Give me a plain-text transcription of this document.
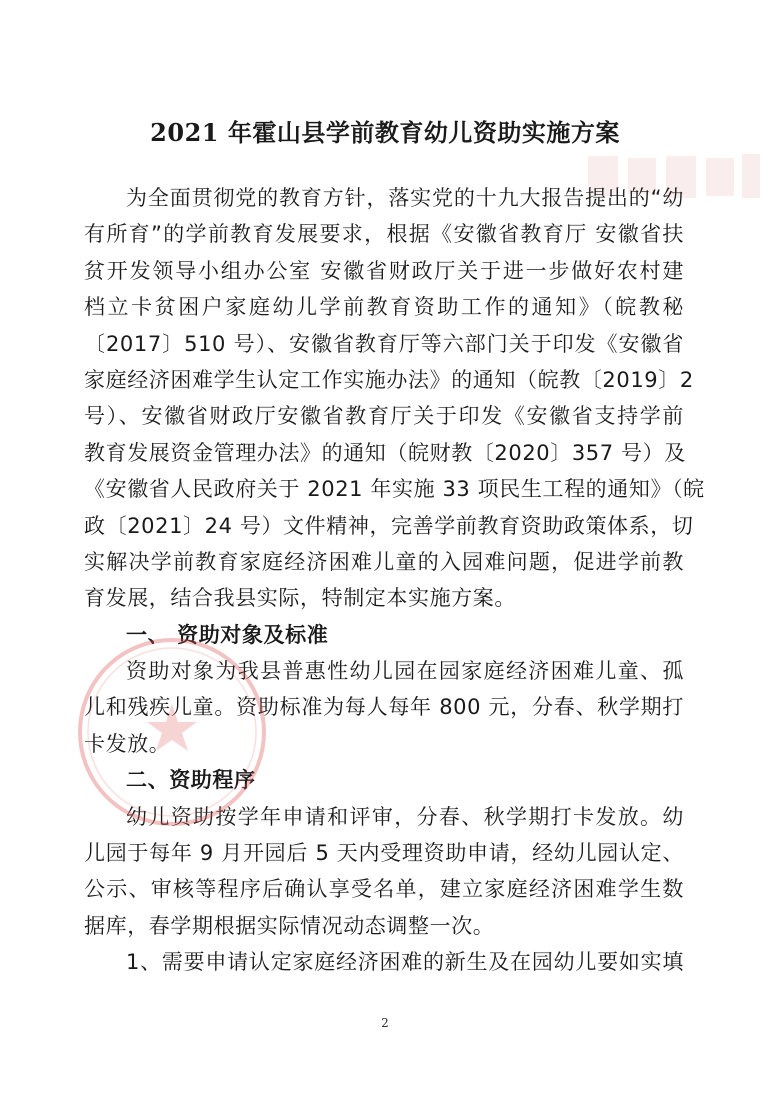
2021 年霍山县学前教育幼儿资助实施方案
为全面贯彻党的教育方针，落实党的十九大报告提出的“幼
有所育”的学前教育发展要求，根据《安徽省教育厅 安徽省扶
贫开发领导小组办公室 安徽省财政厅关于进一步做好农村建
档立卡贫困户家庭幼儿学前教育资助工作的通知》（皖教秘
〔2017〕510 号）、安徽省教育厅等六部门关于印发《安徽省
家庭经济困难学生认定工作实施办法》的通知（皖教〔2019〕2
号）、安徽省财政厅安徽省教育厅关于印发《安徽省支持学前
教育发展资金管理办法》的通知（皖财教〔2020〕357 号）及
《安徽省人民政府关于 2021 年实施 33 项民生工程的通知》（皖
政〔2021〕24 号）文件精神，完善学前教育资助政策体系，切
实解决学前教育家庭经济困难儿童的入园难问题，促进学前教
育发展，结合我县实际，特制定本实施方案。
一、 资助对象及标准
资助对象为我县普惠性幼儿园在园家庭经济困难儿童、孤
儿和残疾儿童。资助标准为每人每年 800 元，分春、秋学期打
卡发放。
二、资助程序
幼儿资助按学年申请和评审，分春、秋学期打卡发放。幼
儿园于每年 9 月开园后 5 天内受理资助申请，经幼儿园认定、
公示、审核等程序后确认享受名单，建立家庭经济困难学生数
据库，春学期根据实际情况动态调整一次。
1、需要申请认定家庭经济困难的新生及在园幼儿要如实填
2
